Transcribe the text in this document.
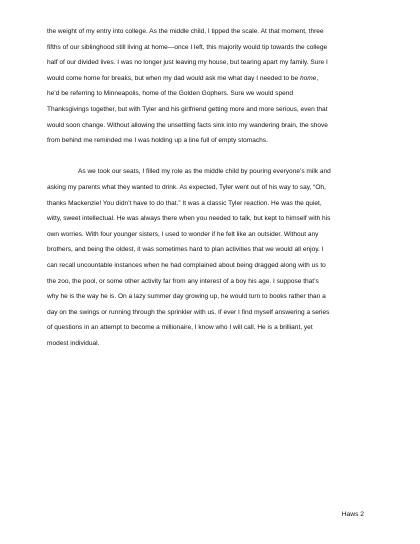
the weight of my entry into college. As the middle child, I tipped the scale. At that moment, three
fifths of our siblinghood still living at home—once I left, this majority would tip towards the college
half of our divided lives. I was no longer just leaving my house, but tearing apart my family. Sure I
would come home for breaks, but when my dad would ask me what day I needed to be home,
he’d be referring to Minneapolis, home of the Golden Gophers. Sure we would spend
Thanksgivings together, but with Tyler and his girlfriend getting more and more serious, even that
would soon change. Without allowing the unsettling facts sink into my wandering brain, the shove
from behind me reminded me I was holding up a line full of empty stomachs.
As we took our seats, I filled my role as the middle child by pouring everyone’s milk and
asking my parents what they wanted to drink. As expected, Tyler went out of his way to say, “Oh,
thanks Mackenzie! You didn’t have to do that.” It was a classic Tyler reaction. He was the quiet,
witty, sweet intellectual. He was always there when you needed to talk, but kept to himself with his
own worries. With four younger sisters, I used to wonder if he felt like an outsider. Without any
brothers, and being the oldest, it was sometimes hard to plan activities that we would all enjoy. I
can recall uncountable instances when he had complained about being dragged along with us to
the zoo, the pool, or some other activity far from any interest of a boy his age. I suppose that’s
why he is the way he is. On a lazy summer day growing up, he would turn to books rather than a
day on the swings or running through the sprinkler with us. If ever I find myself answering a series
of questions in an attempt to become a millionaire, I know who I will call. He is a brilliant, yet
modest individual.
Haws 2
